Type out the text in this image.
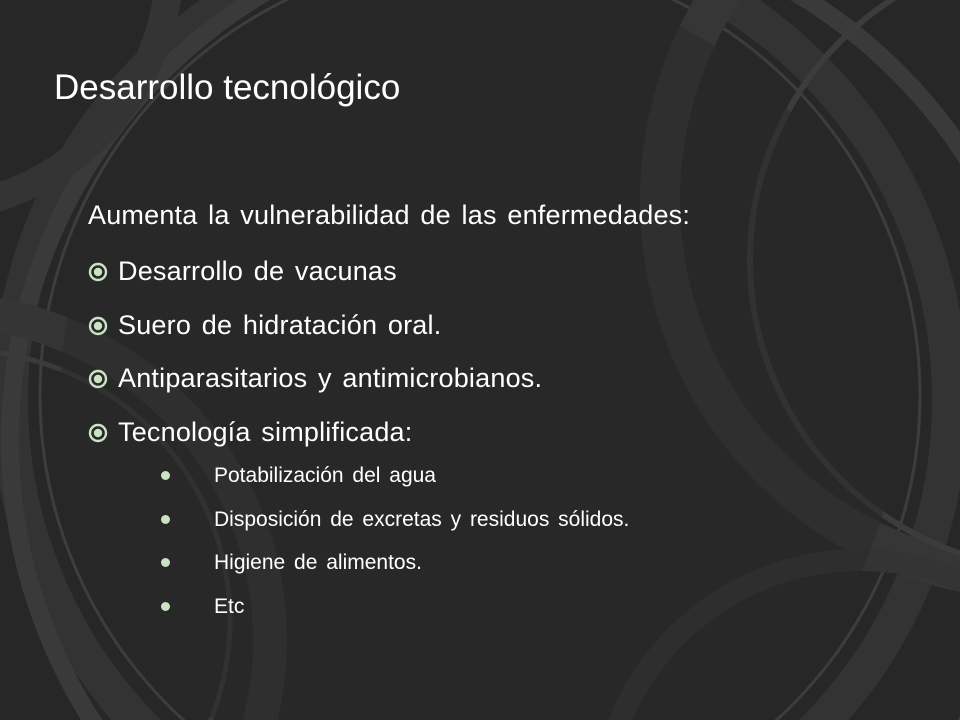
Desarrollo tecnológico
Aumenta la vulnerabilidad de las enfermedades:
Desarrollo de vacunas
Suero de hidratación oral.
Antiparasitarios y antimicrobianos.
Tecnología simplificada:
Potabilización del agua
Disposición de excretas y residuos sólidos.
Higiene de alimentos.
Etc
